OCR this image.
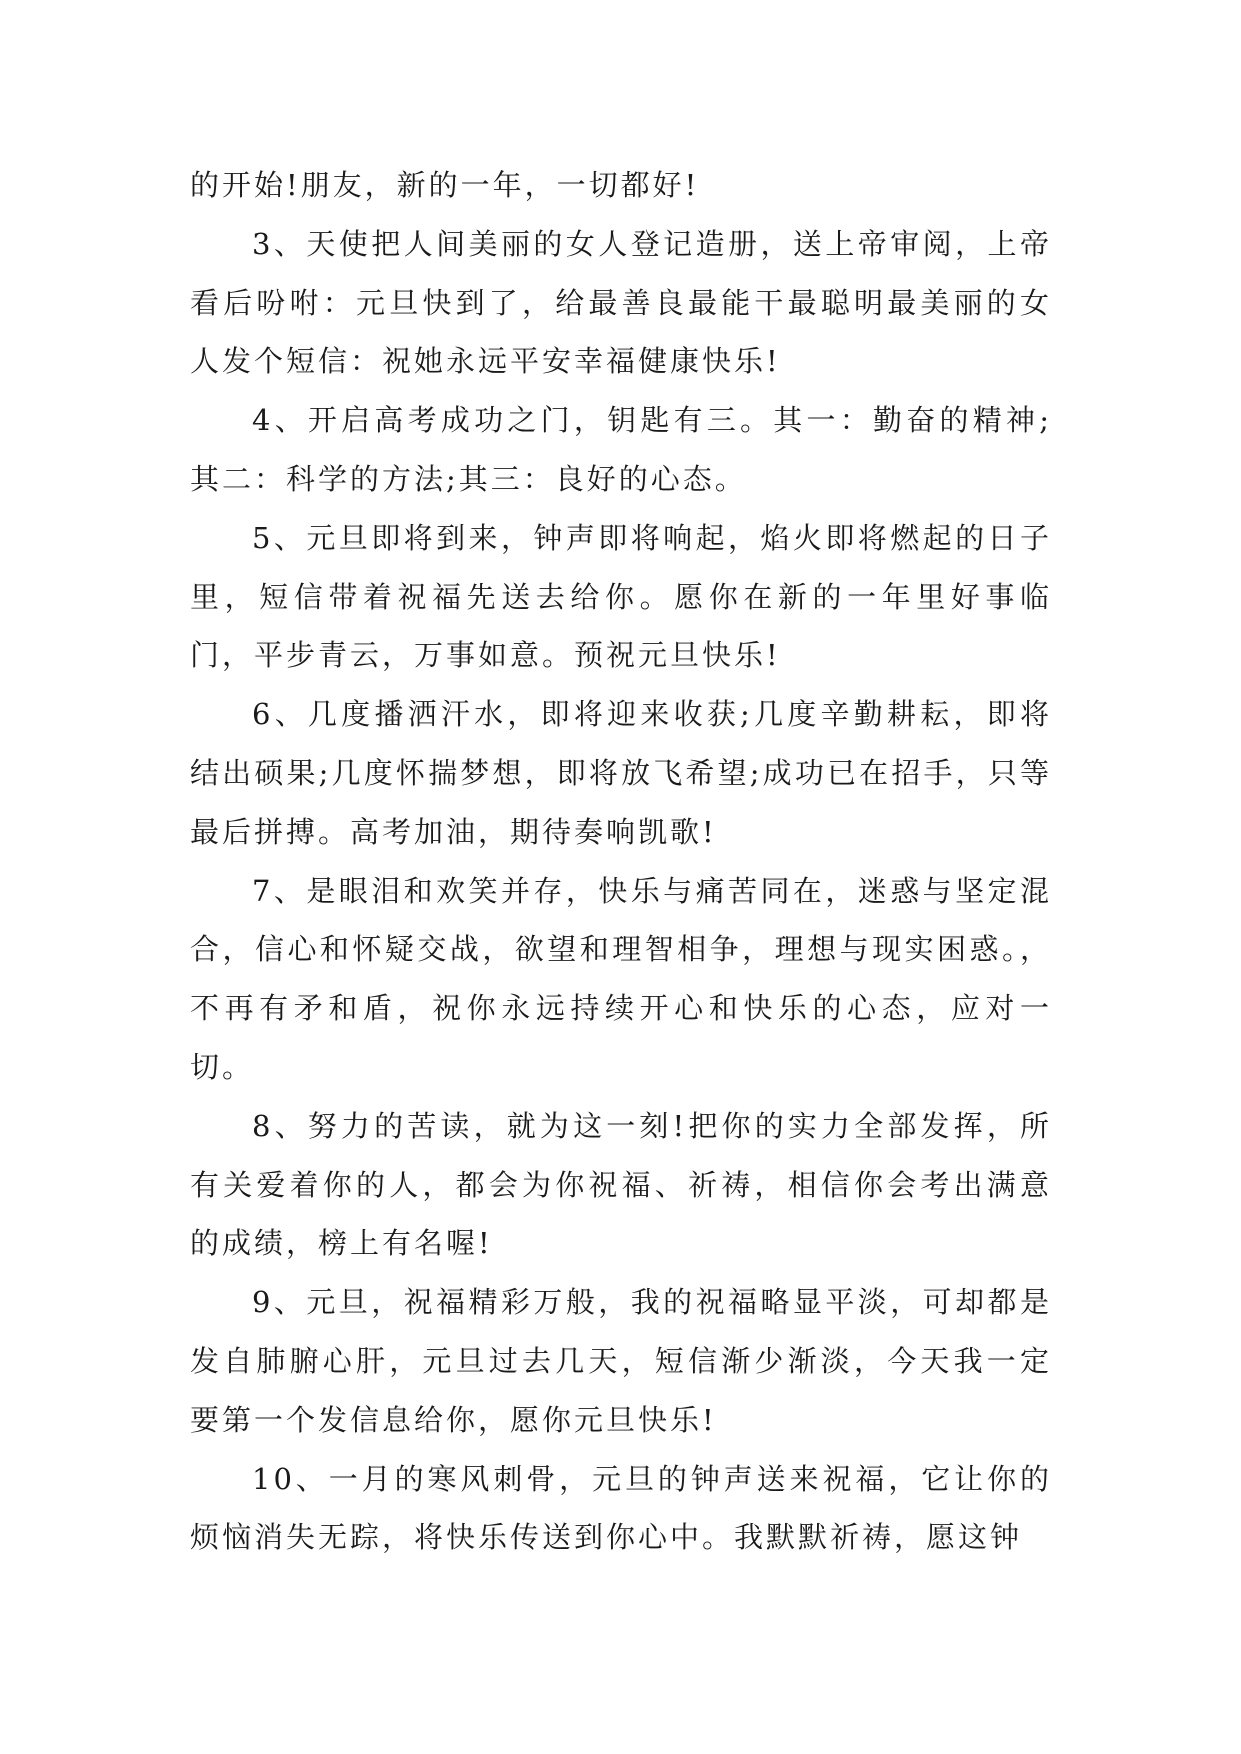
的开始!朋友，新的一年，一切都好!

3、天使把人间美丽的女人登记造册，送上帝审阅，上帝看后吩咐：元旦快到了，给最善良最能干最聪明最美丽的女人发个短信：祝她永远平安幸福健康快乐!

4、开启高考成功之门，钥匙有三。其一：勤奋的精神;其二：科学的方法;其三：良好的心态。

5、元旦即将到来，钟声即将响起，焰火即将燃起的日子里，短信带着祝福先送去给你。愿你在新的一年里好事临门，平步青云，万事如意。预祝元旦快乐!

6、几度播洒汗水，即将迎来收获;几度辛勤耕耘，即将结出硕果;几度怀揣梦想，即将放飞希望;成功已在招手，只等最后拼搏。高考加油，期待奏响凯歌!

7、是眼泪和欢笑并存，快乐与痛苦同在，迷惑与坚定混合，信心和怀疑交战，欲望和理智相争，理想与现实困惑。，不再有矛和盾，祝你永远持续开心和快乐的心态，应对一切。

8、努力的苦读，就为这一刻!把你的实力全部发挥，所有关爱着你的人，都会为你祝福、祈祷，相信你会考出满意的成绩，榜上有名喔!

9、元旦，祝福精彩万般，我的祝福略显平淡，可却都是发自肺腑心肝，元旦过去几天，短信渐少渐淡，今天我一定要第一个发信息给你，愿你元旦快乐!

10、一月的寒风刺骨，元旦的钟声送来祝福，它让你的烦恼消失无踪，将快乐传送到你心中。我默默祈祷，愿这钟
